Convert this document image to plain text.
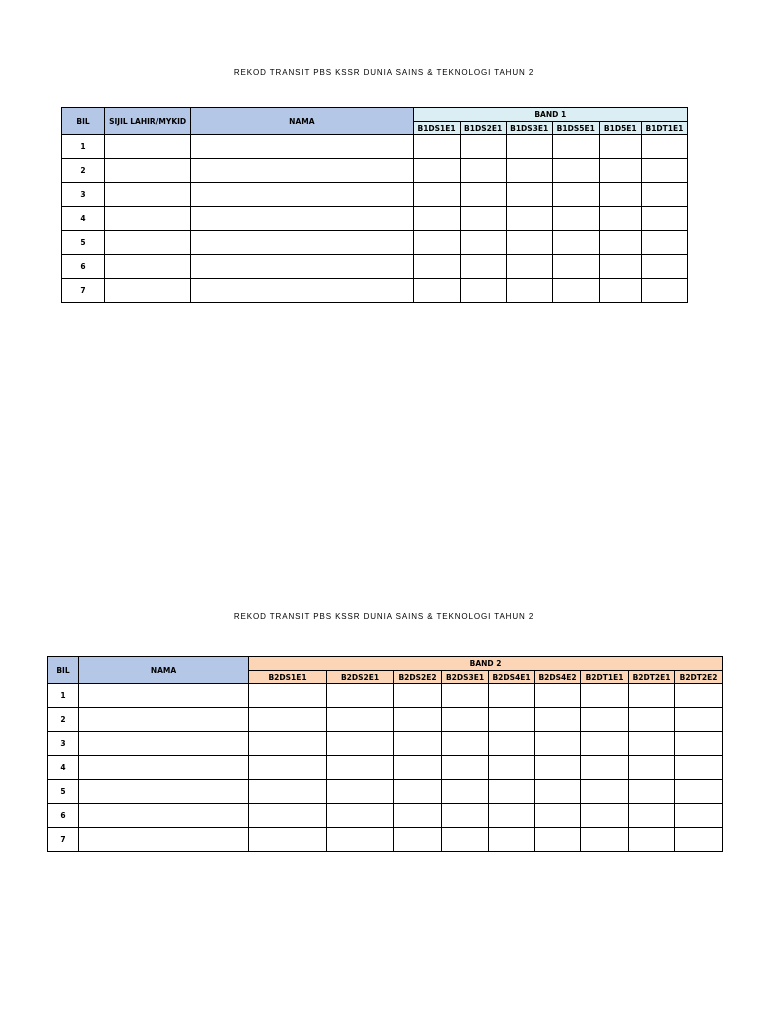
REKOD TRANSIT PBS KSSR DUNIA SAINS & TEKNOLOGI TAHUN 2
BIL	SIJIL LAHIR/MYKID	NAMA	BAND 1					
			B1DS1E1	B1DS2E1	B1DS3E1	B1DS5E1	B1D5E1	B1DT1E1
1								
2								
3								
4								
5								
6								
7								
REKOD TRANSIT PBS KSSR DUNIA SAINS & TEKNOLOGI TAHUN 2
BIL	NAMA	BAND 2								
		B2DS1E1	B2DS2E1	B2DS2E2	B2DS3E1	B2DS4E1	B2DS4E2	B2DT1E1	B2DT2E1	B2DT2E2
1										
2										
3										
4										
5										
6										
7										
